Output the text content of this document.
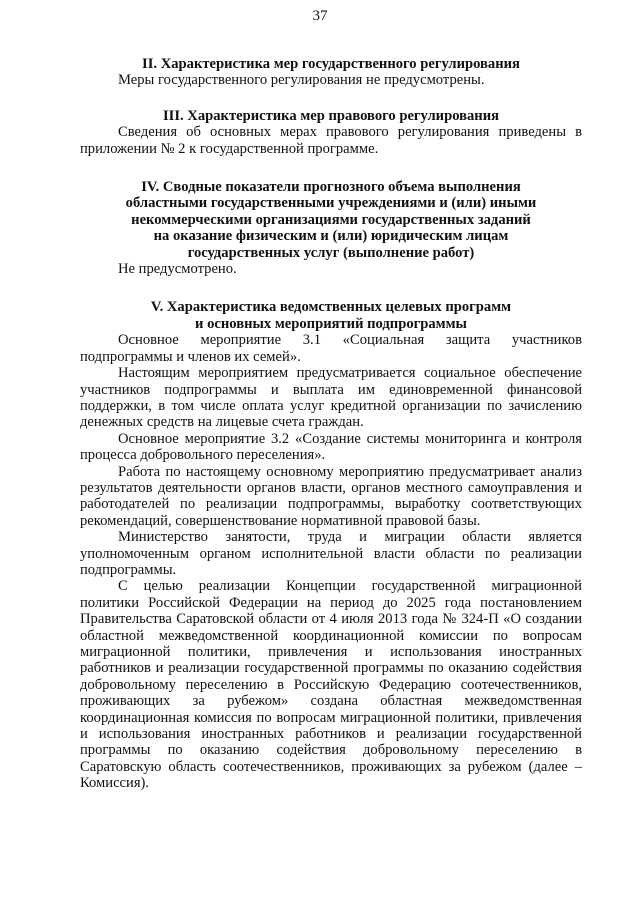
37

II. Характеристика мер государственного регулирования

Меры государственного регулирования не предусмотрены.

III. Характеристика мер правового регулирования

Сведения об основных мерах правового регулирования приведены в приложении № 2 к государственной программе.

IV. Сводные показатели прогнозного объема выполнения
областными государственными учреждениями и (или) иными
некоммерческими организациями государственных заданий
на оказание физическим и (или) юридическим лицам
государственных услуг (выполнение работ)

Не предусмотрено.

V. Характеристика ведомственных целевых программ
и основных мероприятий подпрограммы

Основное мероприятие 3.1 «Социальная защита участников подпрограммы и членов их семей».

Настоящим мероприятием предусматривается социальное обеспечение участников подпрограммы и выплата им единовременной финансовой поддержки, в том числе оплата услуг кредитной организации по зачислению денежных средств на лицевые счета граждан.

Основное мероприятие 3.2 «Создание системы мониторинга и контроля процесса добровольного переселения».

Работа по настоящему основному мероприятию предусматривает анализ результатов деятельности органов власти, органов местного самоуправления и работодателей по реализации подпрограммы, выработку соответствующих рекомендаций, совершенствование нормативной правовой базы.

Министерство занятости, труда и миграции области является уполномоченным органом исполнительной власти области по реализации подпрограммы.

С целью реализации Концепции государственной миграционной политики Российской Федерации на период до 2025 года постановлением Правительства Саратовской области от 4 июля 2013 года № 324-П «О создании областной межведомственной координационной комиссии по вопросам миграционной политики, привлечения и использования иностранных работников и реализации государственной программы по оказанию содействия добровольному переселению в Российскую Федерацию соотечественников, проживающих за рубежом» создана областная межведомственная координационная комиссия по вопросам миграционной политики, привлечения и использования иностранных работников и реализации государственной программы по оказанию содействия добровольному переселению в Саратовскую область соотечественников, проживающих за рубежом (далее – Комиссия).
